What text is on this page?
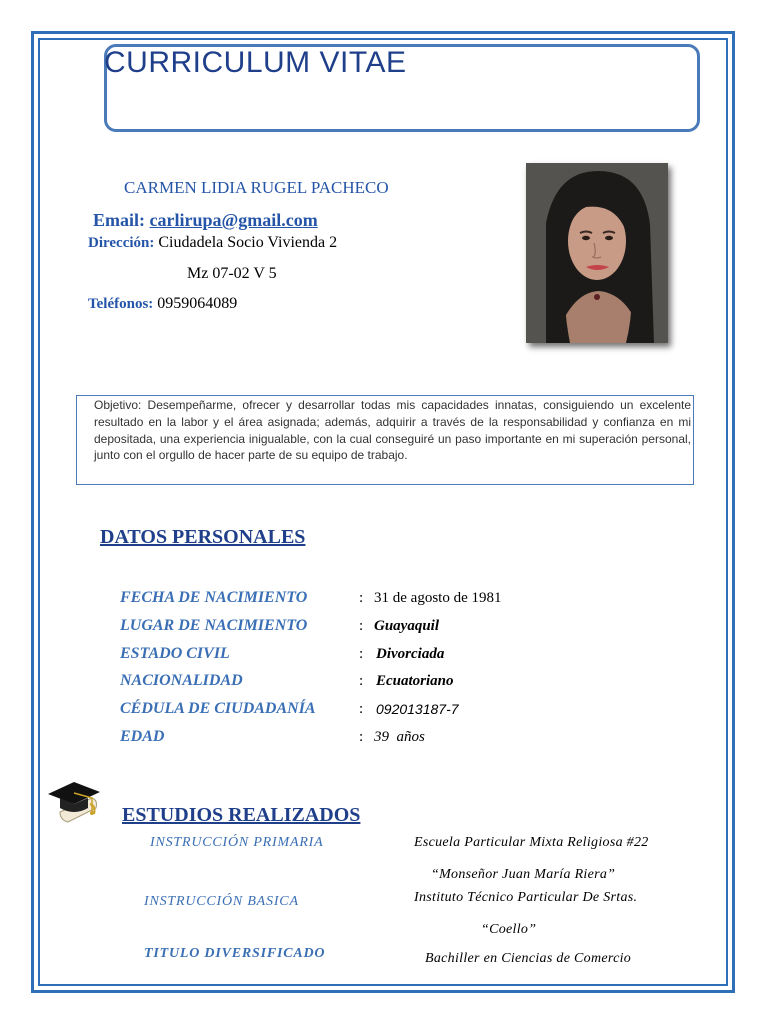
CURRICULUM VITAE
CARMEN LIDIA RUGEL PACHECO
Email: carlirupa@gmail.com
Dirección: Ciudadela Socio Vivienda 2
Mz 07-02 V 5
Teléfonos: 0959064089

Objetivo: Desempeñarme, ofrecer y desarrollar todas mis capacidades innatas, consiguiendo un excelente resultado en la labor y el área asignada; además, adquirir a través de la responsabilidad y confianza en mi depositada, una experiencia inigualable, con la cual conseguiré un paso importante en mi superación personal, junto con el orgullo de hacer parte de su equipo de trabajo.

DATOS PERSONALES
FECHA DE NACIMIENTO	: 31 de agosto de 1981
LUGAR DE NACIMIENTO	: Guayaquil
ESTADO CIVIL	: Divorciada
NACIONALIDAD	: Ecuatoriano
CÉDULA DE CIUDADANÍA	: 092013187-7
EDAD	: 39  años
ESTUDIOS REALIZADOS
INSTRUCCIÓN PRIMARIA	Escuela Particular Mixta Religiosa #22
“Monseñor Juan María Riera”
INSTRUCCIÓN BASICA	Instituto Técnico Particular De Srtas.
“Coello”
TITULO DIVERSIFICADO	Bachiller en Ciencias de Comercio
